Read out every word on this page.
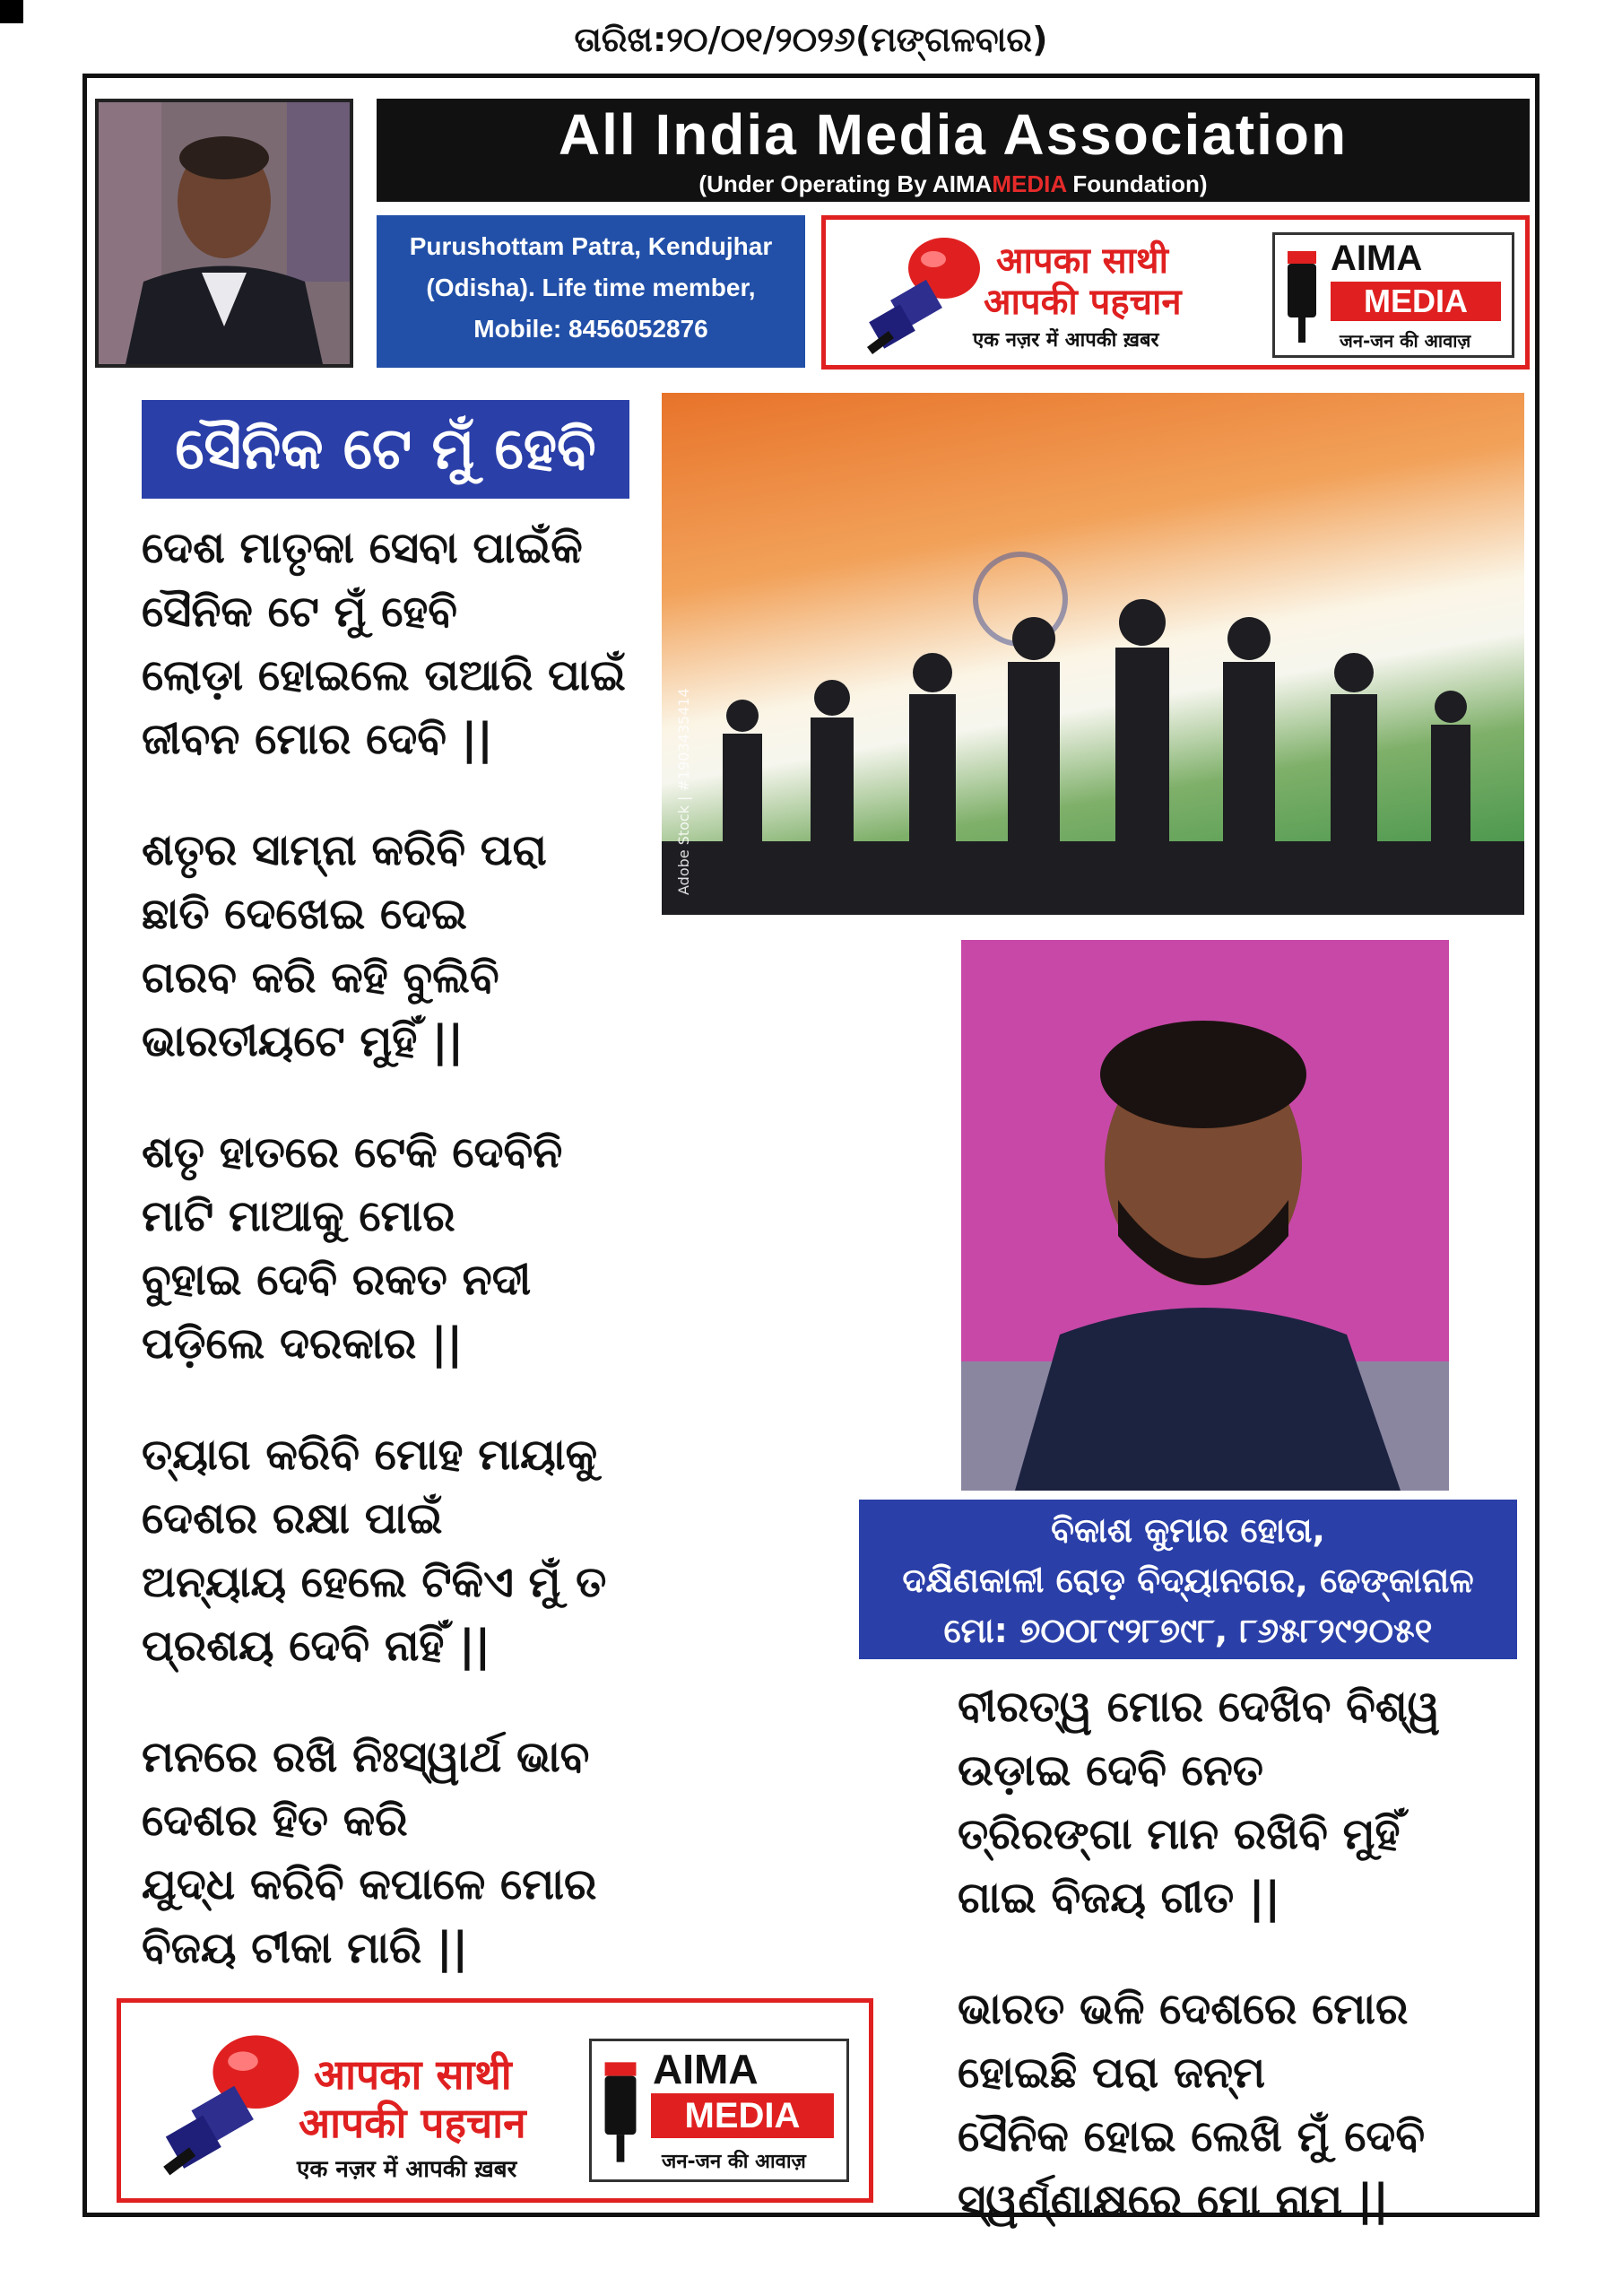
ତାରିଖ:୨୦/୦୧/୨୦୨୬(ମଙ୍ଗଳବାର)
All India Media Association
(Under Operating By AIMAMEDIA Foundation)
Purushottam Patra, Kendujhar
(Odisha). Life time member,
Mobile: 8456052876
आपका साथी
आपकी पहचान
एक नज़र में आपकी ख़बर
AIMA
MEDIA
जन-जन की आवाज़
ସୈନିକ ଟେ ମୁଁ ହେବି
ଦେଶ ମାତୃକା ସେବା ପାଇଁକି
ସୈନିକ ଟେ ମୁଁ ହେବି
ଲୋଡ଼ା ହୋଇଲେ ତାଆରି ପାଇଁ
ଜୀବନ ମୋର ଦେବି ||
ଶତୃର ସାମ୍ନା କରିବି ପରା
ଛାତି ଦେଖେଇ ଦେଇ
ଗରବ କରି କହି ବୁଲିବି
ଭାରତୀୟଟେ ମୁହିଁ ||
ଶତୃ ହାତରେ ଟେକି ଦେବିନି
ମାଟି ମାଆକୁ ମୋର
ବୁହାଇ ଦେବି ରକତ ନଦୀ
ପଡ଼ିଲେ ଦରକାର ||
ତ୍ୟାଗ କରିବି ମୋହ ମାୟାକୁ
ଦେଶର ରକ୍ଷା ପାଇଁ
ଅନ୍ୟାୟ ହେଲେ ଟିକିଏ ମୁଁ ତ
ପ୍ରଶୟ ଦେବି ନାହିଁ ||
ମନରେ ରଖି ନିଃସ୍ୱାର୍ଥ ଭାବ
ଦେଶର ହିତ କରି
ଯୁଦ୍ଧ କରିବି କପାଳେ ମୋର
ବିଜୟ ଟୀକା ମାରି ||
Adobe Stock | #1903435414
ବିକାଶ କୁମାର ହୋତା,
ଦକ୍ଷିଣକାଳୀ ରୋଡ଼ ବିଦ୍ୟାନଗର, ଢେଙ୍କାନାଳ
ମୋ: ୭୦୦୮୯୨୮୭୯୮, ୮୬୫୮୨୯୨୦୫୧
ବୀରତ୍ୱ ମୋର ଦେଖିବ ବିଶ୍ୱ
ଉଡ଼ାଇ ଦେବି ନେତ
ତ୍ରିରଙ୍ଗା ମାନ ରଖିବି ମୁହିଁ
ଗାଇ ବିଜୟ ଗୀତ ||
ଭାରତ ଭଳି ଦେଶରେ ମୋର
ହୋଇଛି ପରା ଜନ୍ମ
ସୈନିକ ହୋଇ ଲେଖି ମୁଁ ଦେବି
ସ୍ୱର୍ଣ୍ଣାକ୍ଷରେ ମୋ ନାମ ||
आपका साथी
आपकी पहचान
एक नज़र में आपकी ख़बर
AIMA
MEDIA
जन-जन की आवाज़
